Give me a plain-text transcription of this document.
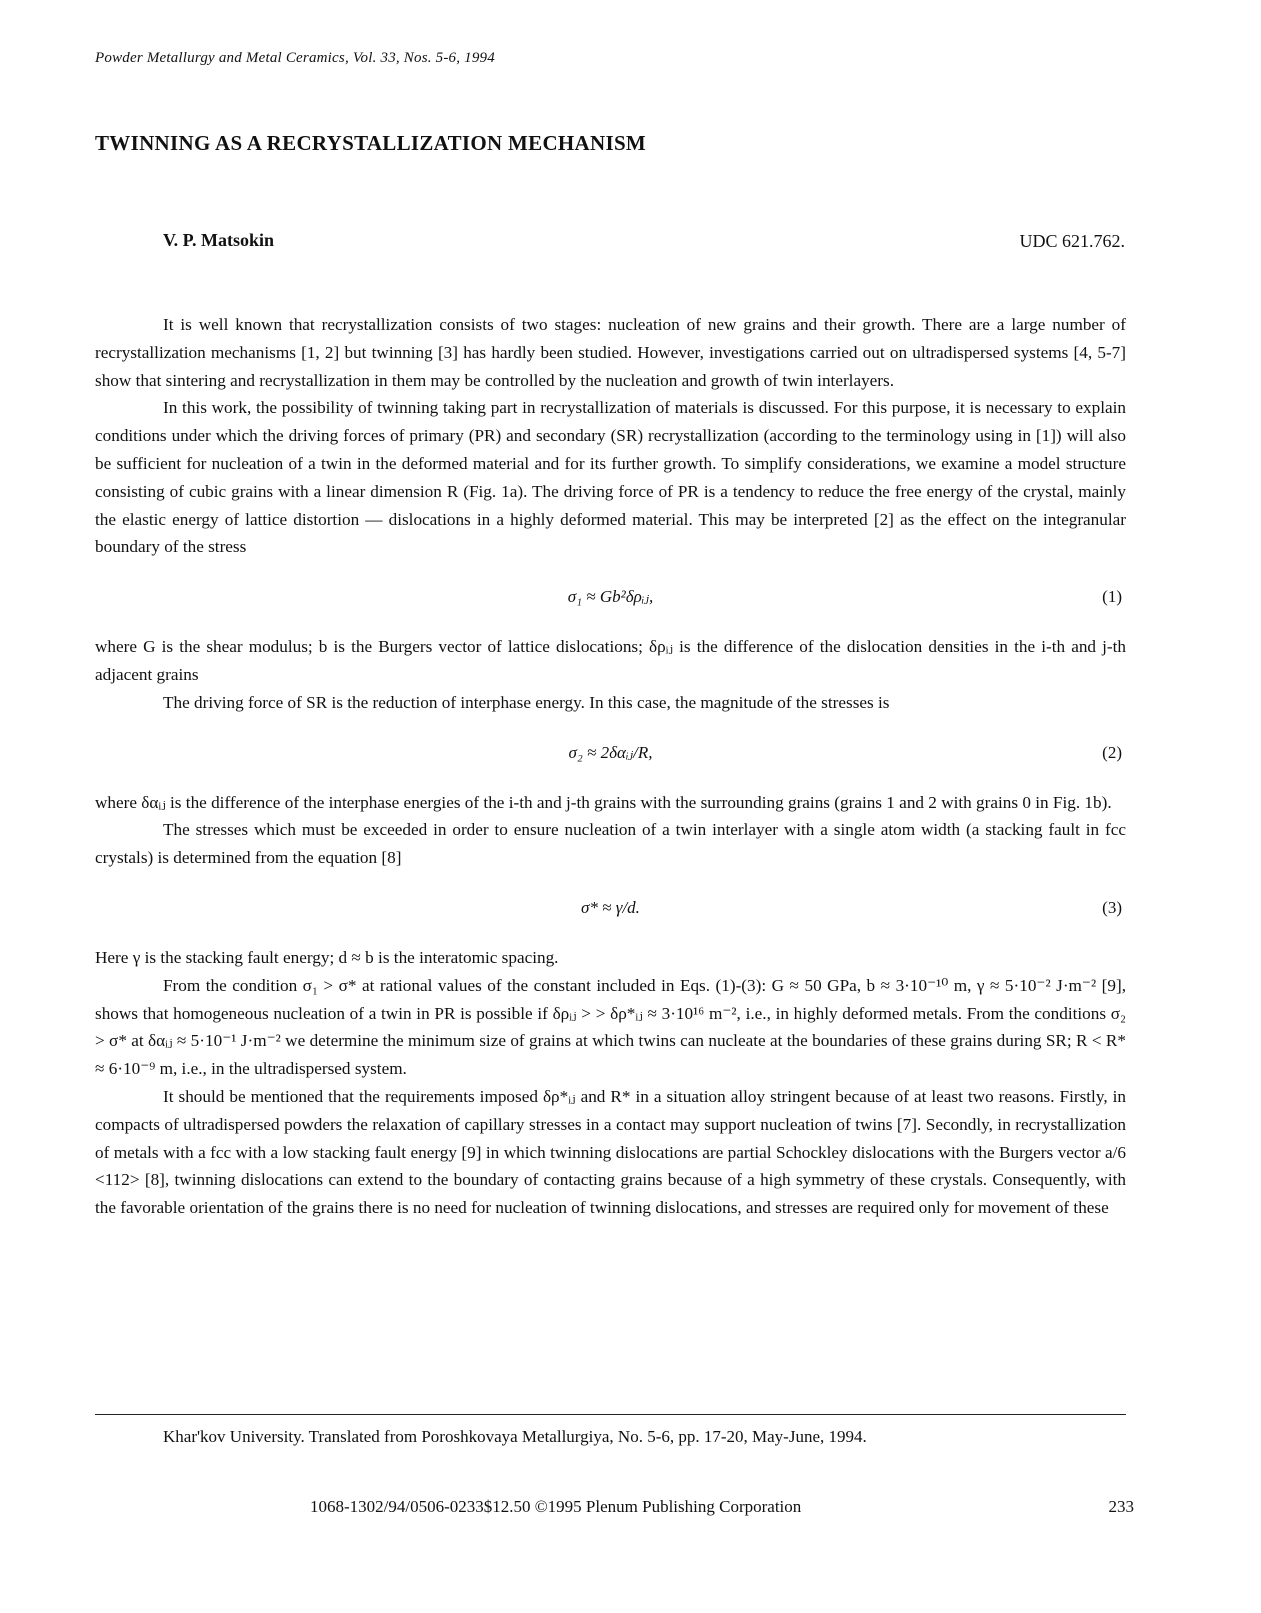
Powder Metallurgy and Metal Ceramics, Vol. 33, Nos. 5-6, 1994
TWINNING AS A RECRYSTALLIZATION MECHANISM
V. P. Matsokin	UDC 621.762.

It is well known that recrystallization consists of two stages: nucleation of new grains and their growth. There are a large number of recrystallization mechanisms [1, 2] but twinning [3] has hardly been studied. However, investigations carried out on ultradispersed systems [4, 5-7] show that sintering and recrystallization in them may be controlled by the nucleation and growth of twin interlayers.

In this work, the possibility of twinning taking part in recrystallization of materials is discussed. For this purpose, it is necessary to explain conditions under which the driving forces of primary (PR) and secondary (SR) recrystallization (according to the terminology using in [1]) will also be sufficient for nucleation of a twin in the deformed material and for its further growth. To simplify considerations, we examine a model structure consisting of cubic grains with a linear dimension R (Fig. 1a). The driving force of PR is a tendency to reduce the free energy of the crystal, mainly the elastic energy of lattice distortion — dislocations in a highly deformed material. This may be interpreted [2] as the effect on the integranular boundary of the stress

σ₁ ≈ Gb²δρᵢⱼ,	(1)

where G is the shear modulus; b is the Burgers vector of lattice dislocations; δρᵢⱼ is the difference of the dislocation densities in the i-th and j-th adjacent grains

The driving force of SR is the reduction of interphase energy. In this case, the magnitude of the stresses is

σ₂ ≈ 2δαᵢⱼ/R,	(2)

where δαᵢⱼ is the difference of the interphase energies of the i-th and j-th grains with the surrounding grains (grains 1 and 2 with grains 0 in Fig. 1b).

The stresses which must be exceeded in order to ensure nucleation of a twin interlayer with a single atom width (a stacking fault in fcc crystals) is determined from the equation [8]

σ* ≈ γ/d.	(3)

Here γ is the stacking fault energy; d ≈ b is the interatomic spacing.

From the condition σ₁ > σ* at rational values of the constant included in Eqs. (1)-(3): G ≈ 50 GPa, b ≈ 3·10⁻¹⁰ m, γ ≈ 5·10⁻² J·m⁻² [9], shows that homogeneous nucleation of a twin in PR is possible if δρᵢⱼ > > δρ*ᵢⱼ ≈ 3·10¹⁶ m⁻², i.e., in highly deformed metals. From the conditions σ₂ > σ* at δαᵢⱼ ≈ 5·10⁻¹ J·m⁻² we determine the minimum size of grains at which twins can nucleate at the boundaries of these grains during SR; R < R* ≈ 6·10⁻⁹ m, i.e., in the ultradispersed system.

It should be mentioned that the requirements imposed δρ*ᵢⱼ and R* in a situation alloy stringent because of at least two reasons. Firstly, in compacts of ultradispersed powders the relaxation of capillary stresses in a contact may support nucleation of twins [7]. Secondly, in recrystallization of metals with a fcc with a low stacking fault energy [9] in which twinning dislocations are partial Schockley dislocations with the Burgers vector a/6 <112> [8], twinning dislocations can extend to the boundary of contacting grains because of a high symmetry of these crystals. Consequently, with the favorable orientation of the grains there is no need for nucleation of twinning dislocations, and stresses are required only for movement of these

Khar'kov University. Translated from Poroshkovaya Metallurgiya, No. 5-6, pp. 17-20, May-June, 1994.
1068-1302/94/0506-0233$12.50 ©1995 Plenum Publishing Corporation	233
